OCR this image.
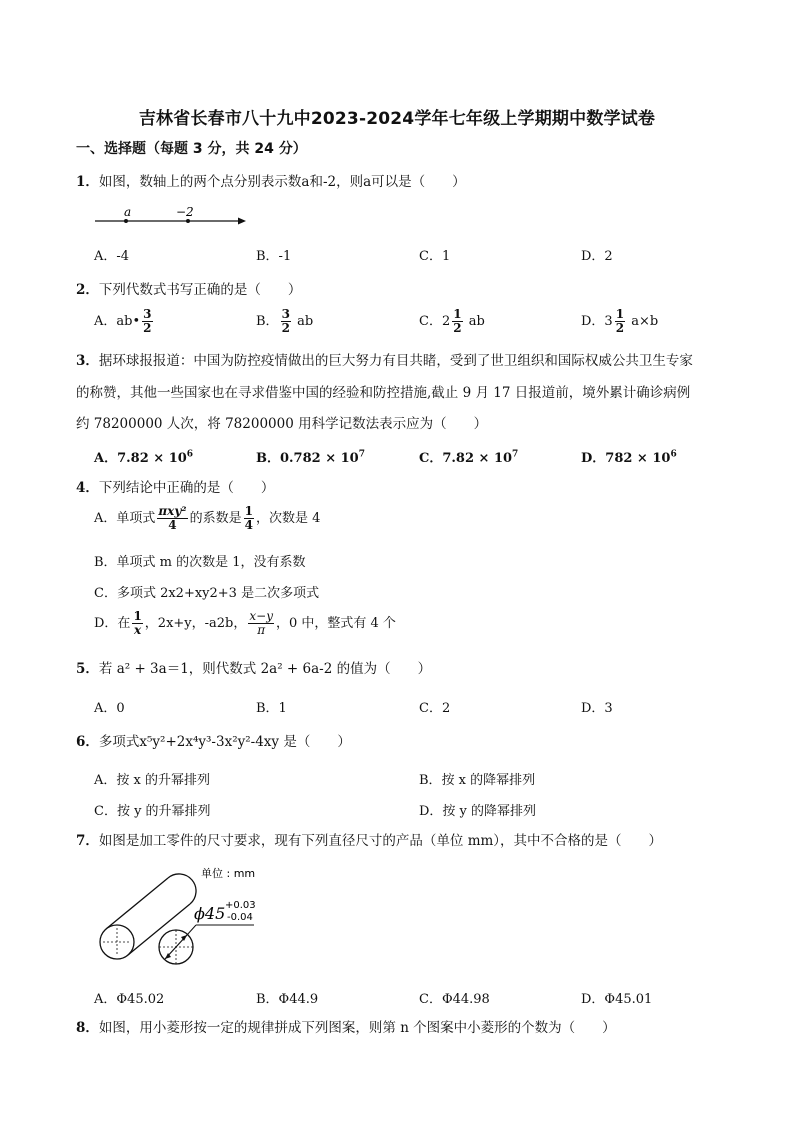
吉林省长春市八十九中2023-2024学年七年级上学期期中数学试卷
一、选择题（每题 3 分，共 24 分）
1．如图，数轴上的两个点分别表示数a和-2，则a可以是（　　）
a	−2
A．-4	B．-1	C．1	D．2
2．下列代数式书写正确的是（　　）
A．ab• $\frac{3}{2}$	B． $\frac{3}{2}$ ab	C．$2 \frac{1}{2}$ ab	D．$3 \frac{1}{2} a\times b$
3．据环球报报道：中国为防控疫情做出的巨大努力有目共睹，受到了世卫组织和国际权威公共卫生专家
的称赞，其他一些国家也在寻求借鉴中国的经验和防控措施,截止 9 月 17 日报道前，境外累计确诊病例
约 78200000 人次，将 78200000 用科学记数法表示应为（　　）
A．$7.82 \times 10^6$	B．$0.782 \times 10^7$	C．$7.82 \times 10^7$	D．$782 \times 10^6$
4．下列结论中正确的是（　　）
A．单项式 $\frac{\text{πxy²}}{4}$ 的系数是 $\frac{1}{4}$ ，次数是 4
B．单项式 m 的次数是 1，没有系数
C．多项式 2x2+xy2+3 是二次多项式
D．在 $\frac{1}{x}$ ，2x+y，-a2b， $\frac{x-y}{\pi}$ ，0 中，整式有 4 个
5．若 a² + 3a＝1，则代数式 2a² + 6a-2 的值为（　　）
A．0	B．1	C．2	D．3
6．多项式x⁵y²+2x⁴y³-3x²y²-4xy 是（　　）
A．按 x 的升幂排列	B．按 x 的降幂排列
C．按 y 的升幂排列	D．按 y 的降幂排列
7．如图是加工零件的尺寸要求，现有下列直径尺寸的产品（单位 mm），其中不合格的是（　　）
单位 : mm
ϕ45 +0.03
-0.04
A．Φ45.02	B．Φ44.9	C．Φ44.98	D．Φ45.01
8．如图，用小菱形按一定的规律拼成下列图案，则第 n 个图案中小菱形的个数为（　　）
